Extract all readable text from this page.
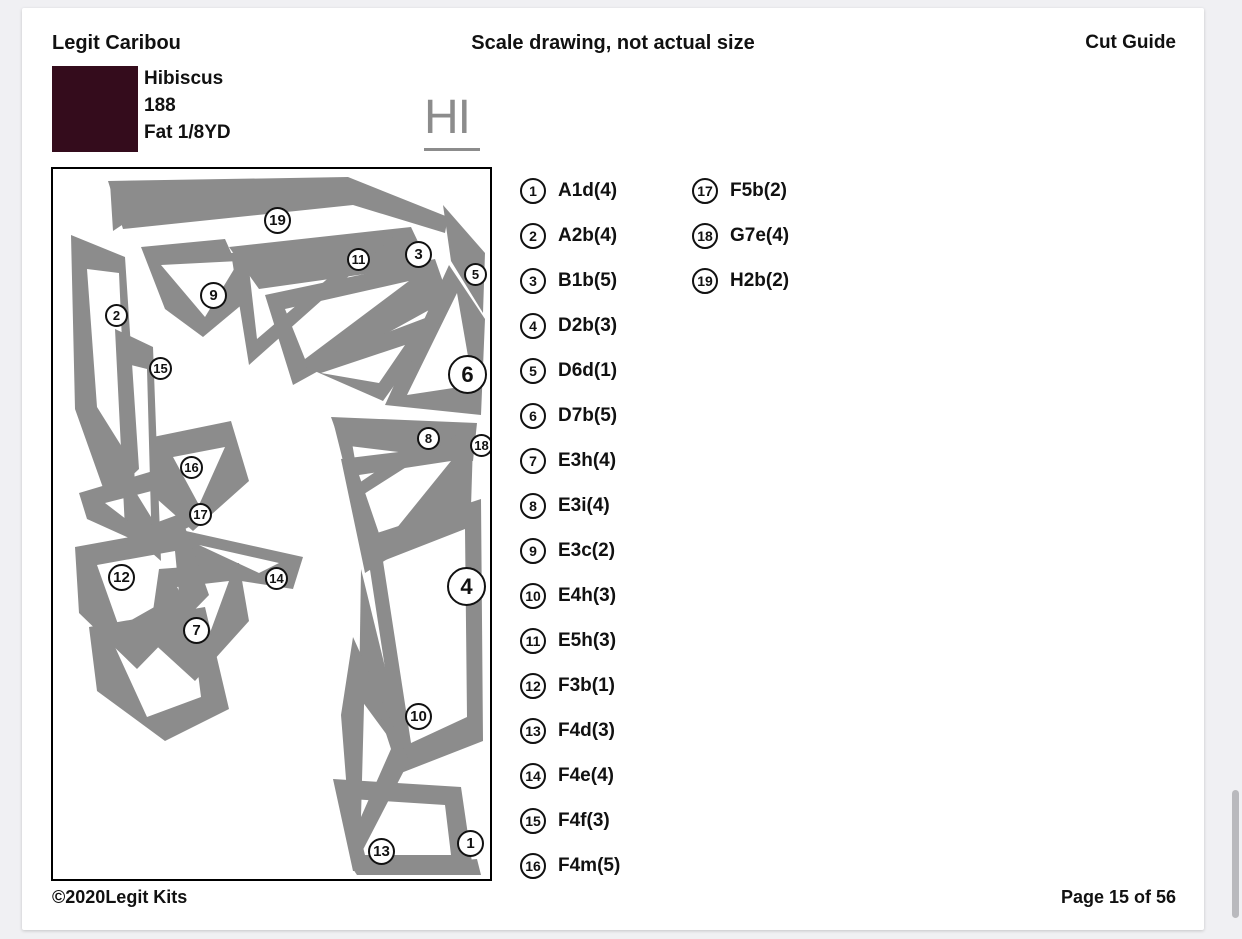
Legit Caribou	Scale drawing, not actual size	Cut Guide
Hibiscus
188
Fat 1/8YD	HI
19
11	3
5
9
2
15	6
8	18
16
17
14
12	4
7
10
13	1
1	A1d(4)
2	A2b(4)
3	B1b(5)
4	D2b(3)
5	D6d(1)
6	D7b(5)
7	E3h(4)
8	E3i(4)
9	E3c(2)
10 E4h(3)
11 E5h(3)
12 F3b(1)
13 F4d(3)
14 F4e(4)
15 F4f(3)
16 F4m(5)
17 F5b(2)
18 G7e(4)
19 H2b(2)
©2020Legit Kits	Page 15 of 56
